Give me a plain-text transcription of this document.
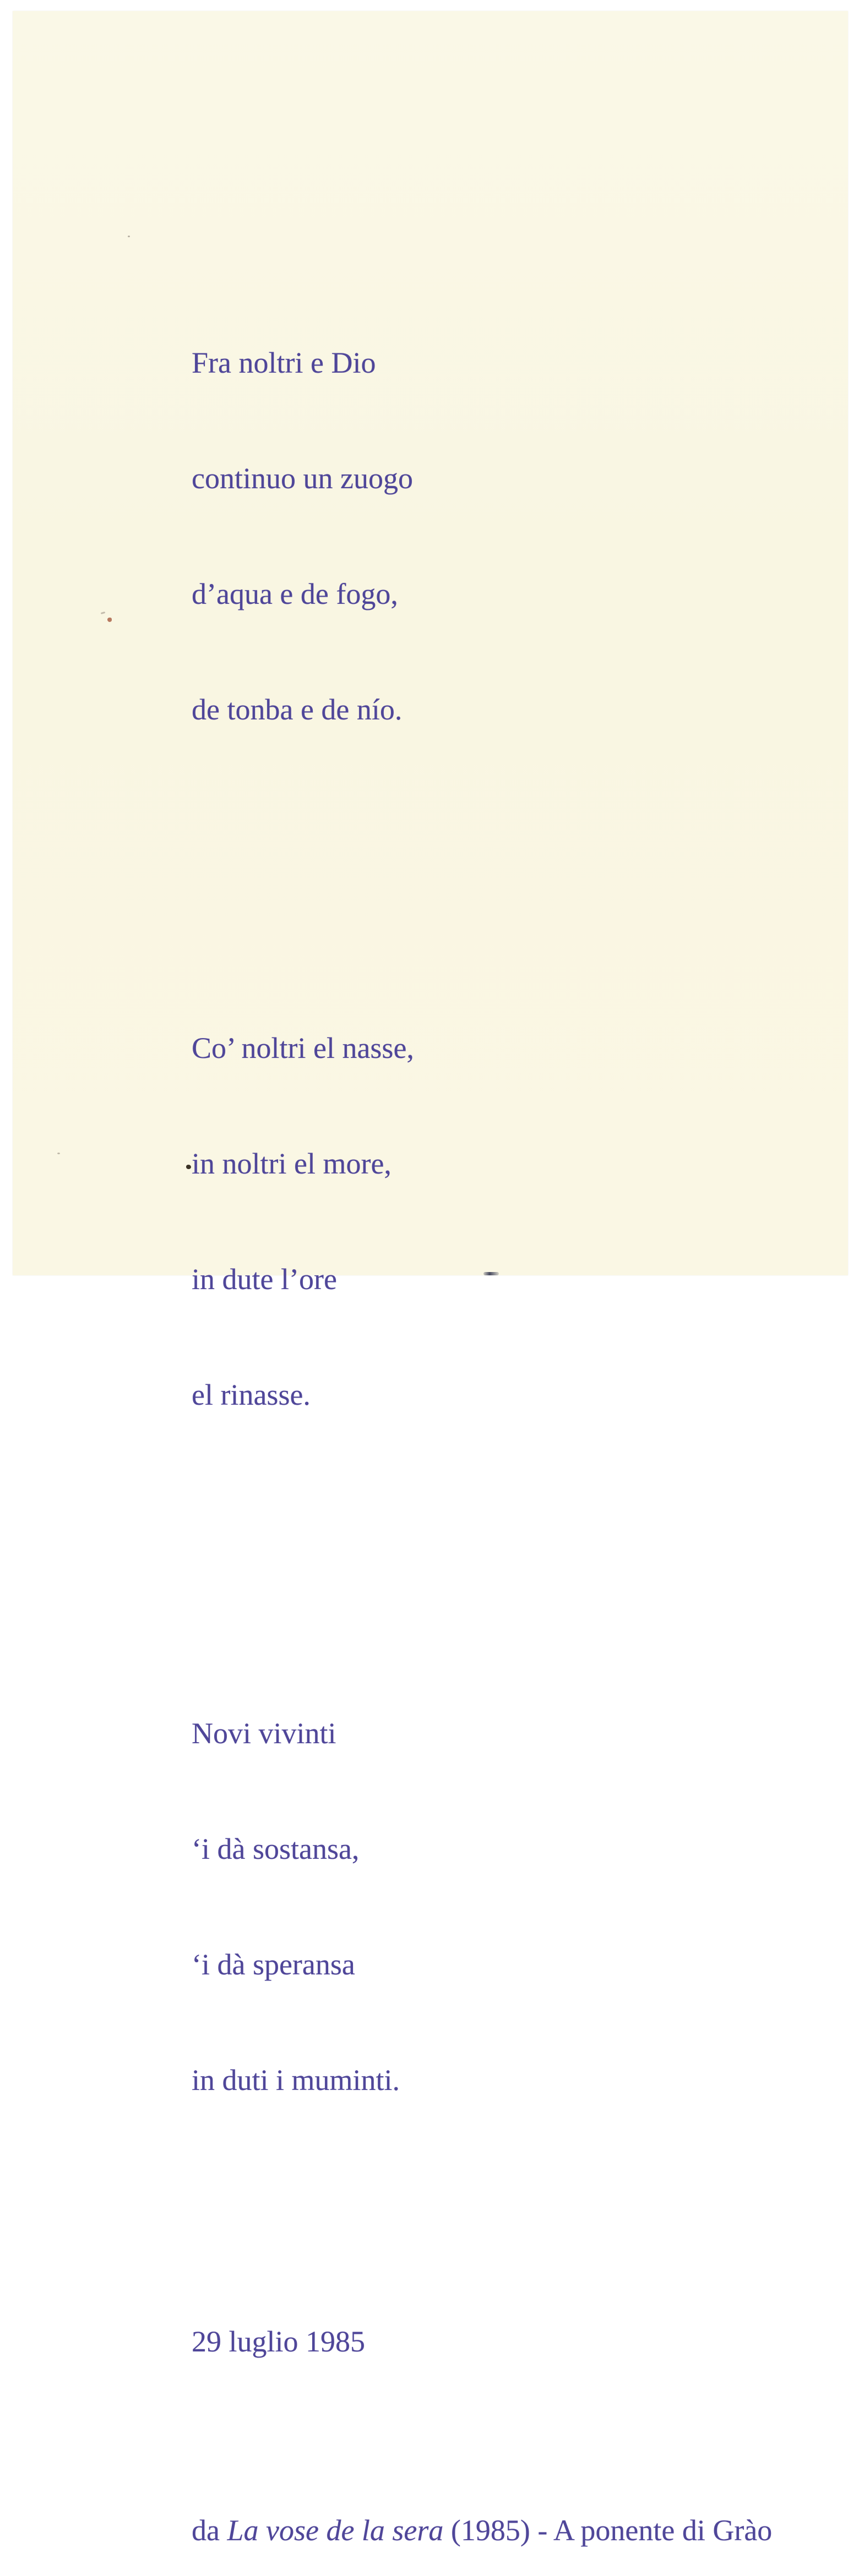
Fra noltri e Dio

continuo un zuogo

d’aqua e de fogo,

de tonba e de nío.

Co’ noltri el nasse,

in noltri el more,

in dute l’ore

el rinasse.

Novi vivinti

‘i dà sostansa,

‘i dà speransa

in duti i muminti.

29 luglio 1985

da La vose de la sera (1985) - A ponente di Grào
